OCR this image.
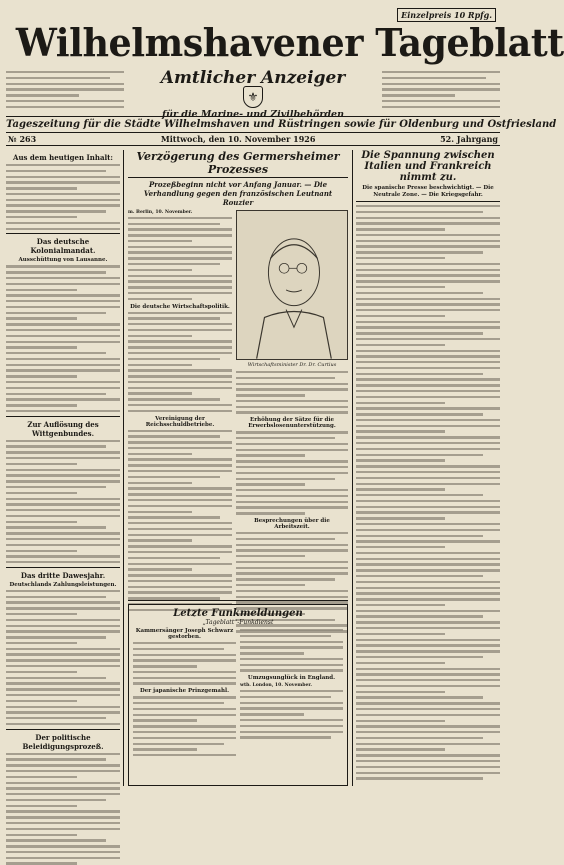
Einzelpreis 10 Rpfg.
Wilhelmshavener Tageblatt
Amtlicher Anzeiger
⚜
für die Marine- und Zivilbehörden
Tageszeitung für die Städte Wilhelmshaven und Rüstringen sowie für Oldenburg und Ostfriesland
№ 263	Mittwoch, den 10. November 1926	52. Jahrgang
Aus dem heutigen Inhalt:
Das deutsche Kolonialmandat.
Ausschüttung von Lausanne.
Zur Auflösung des Wittgenbundes.
Das dritte Dawesjahr.
Deutschlands Zahlungsleistungen.
Der politische Beleidigungsprozeß.
Verzögerung des Germersheimer Prozesses
Prozeßbeginn nicht vor Anfang Januar. — Die Verhandlung gegen den französischen Leutnant Rouzier
m. Berlin, 10. November.
Die deutsche Wirtschaftspolitik.
Vereinigung der Reichsschuldbetriebe.
Wirtschaftsminister Dr. Dr. Curtius
Erhöhung der Sätze für die Erwerbslosenunterstützung.
Besprechungen über die Arbeitszeit.
Letzte Funkmeldungen
„Tageblatt“-Funkdienst
Kammersänger Joseph Schwarz gestorben.
Der japanische Prinzgemahl.
Umzugsunglück in England.
wtb. London, 10. November.
Die Spannung zwischen Italien und Frankreich nimmt zu.
Die spanische Presse beschwichtigt. — Die Neutrale Zone. — Die Kriegsgefahr.
